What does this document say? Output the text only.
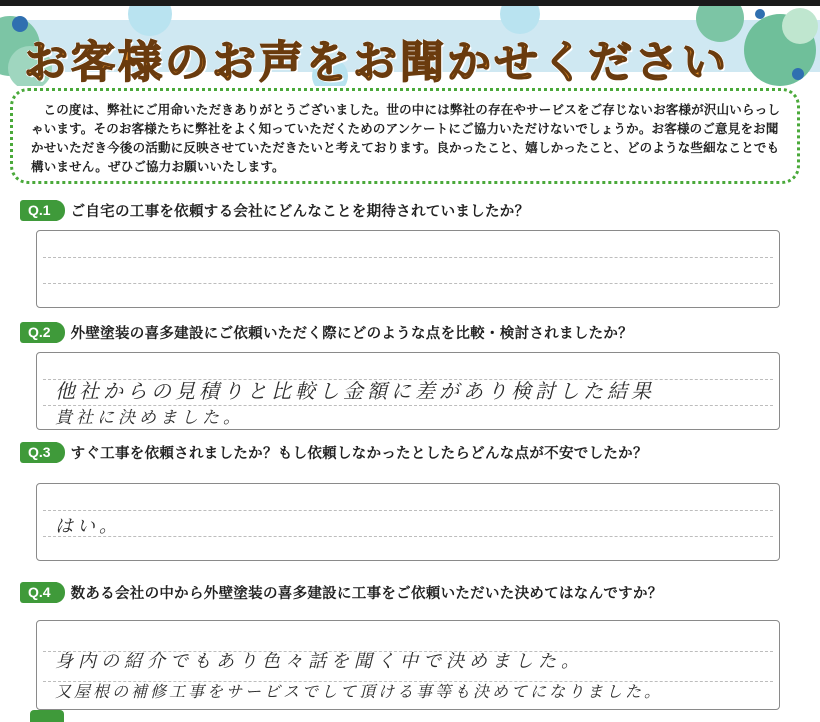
お客様のお声をお聞かせください

この度は、弊社にご用命いただきありがとうございました。世の中には弊社の存在やサービスをご存じないお客様が沢山いらっしゃいます。そのお客様たちに弊社をよく知っていただくためのアンケートにご協力いただけないでしょうか。お客様のご意見をお聞かせいただき今後の活動に反映させていただきたいと考えております。良かったこと、嬉しかったこと、どのような些細なことでも構いません。ぜひご協力お願いいたします。

Q.1	ご自宅の工事を依頼する会社にどんなことを期待されていましたか？
Q.2	外壁塗装の喜多建設にご依頼いただく際にどのような点を比較・検討されましたか？
他社からの見積りと比較し金額に差があり検討した結果
貴社に決めました。
Q.3	すぐ工事を依頼されましたか？もし依頼しなかったとしたらどんな点が不安でしたか？
はい。
Q.4	数ある会社の中から外壁塗装の喜多建設に工事をご依頼いただいた決めてはなんですか？
身内の紹介でもあり色々話を聞く中で決めました。
又屋根の補修工事をサービスでして頂ける事等も決めてになりました。
